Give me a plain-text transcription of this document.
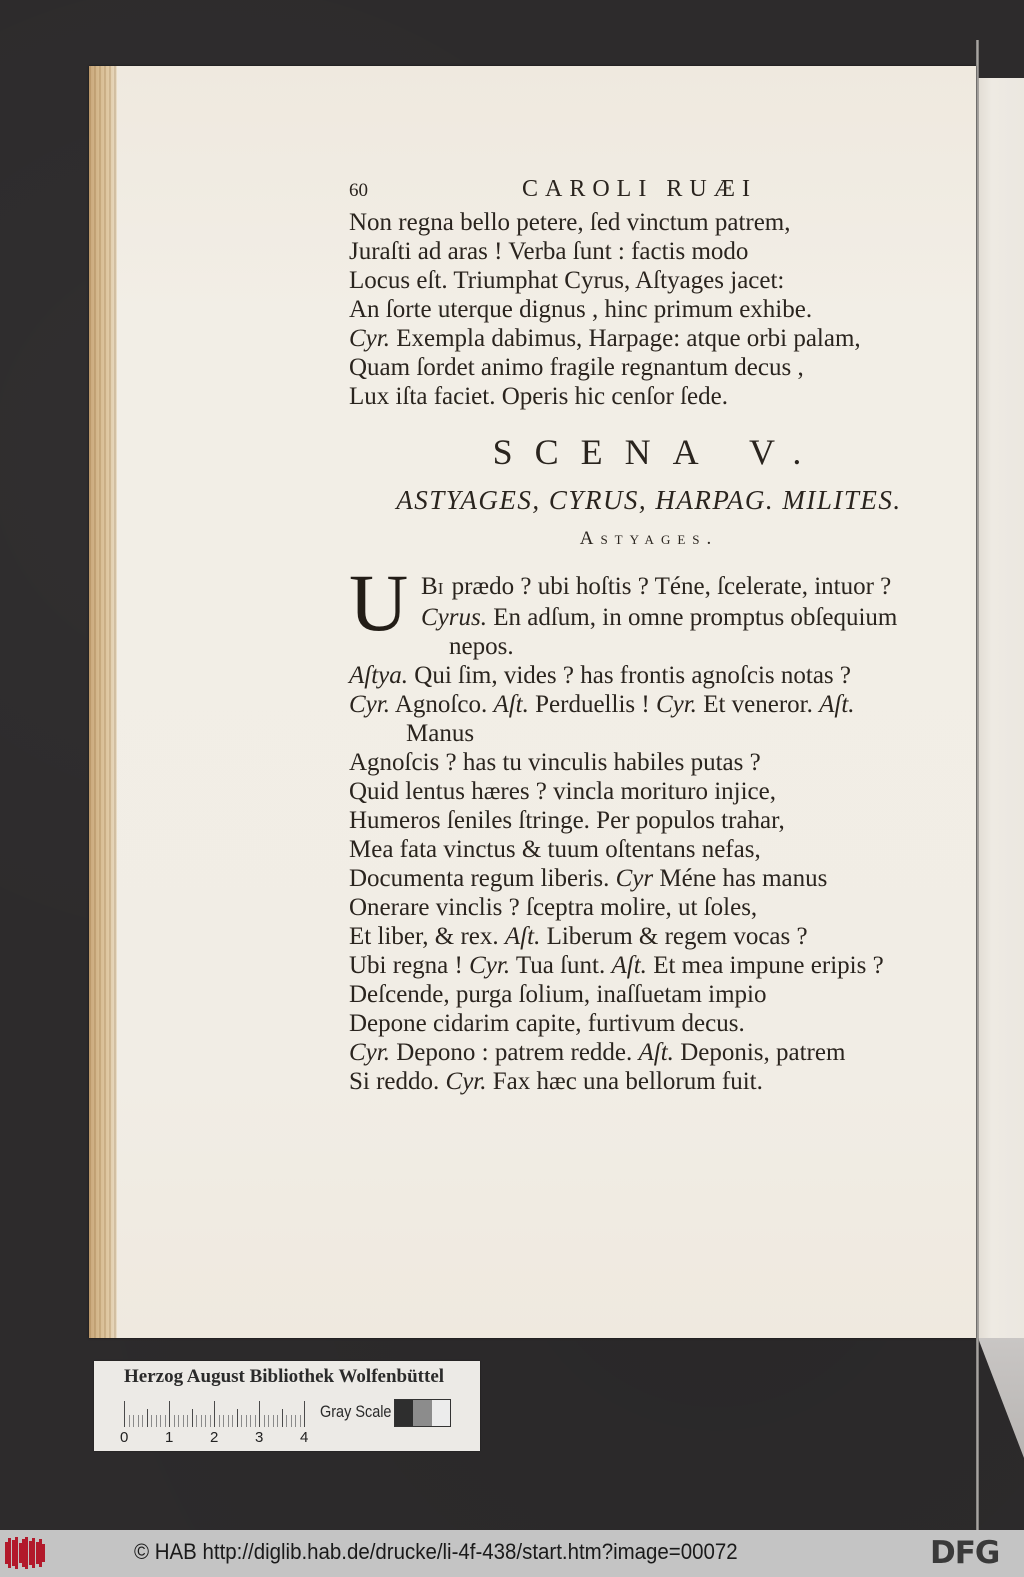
60	CAROLI RUÆI
Non regna bello petere, ſed vinctum patrem,
Juraſti ad aras ! Verba ſunt : factis modo
Locus eſt. Triumphat Cyrus, Aſtyages jacet:
An ſorte uterque dignus , hinc primum exhibe.
Cyr. Exempla dabimus, Harpage: atque orbi palam,
Quam ſordet animo fragile regnantum decus ,
Lux iſta faciet. Operis hic cenſor ſede.
SCENA V.
ASTYAGES, CYRUS, HARPAG. MILITES.
Astyages.
U BI prædo ? ubi hoſtis ? Téne, ſcelerate, intuor ?
Cyrus. En adſum, in omne promptus obſequium
nepos.
Aſtya. Qui ſim, vides ? has frontis agnoſcis notas ?
Cyr. Agnoſco. Aſt. Perduellis ! Cyr. Et veneror. Aſt.
Manus
Agnoſcis ? has tu vinculis habiles putas ?
Quid lentus hæres ? vincla morituro injice,
Humeros ſeniles ſtringe. Per populos trahar,
Mea fata vinctus & tuum oſtentans nefas,
Documenta regum liberis. Cyr Méne has manus
Onerare vinclis ? ſceptra molire, ut ſoles,
Et liber, & rex. Aſt. Liberum & regem vocas ?
Ubi regna ! Cyr. Tua ſunt. Aſt. Et mea impune eripis ?
Deſcende, purga ſolium, inaſſuetam impio
Depone cidarim capite, furtivum decus.
Cyr. Depono : patrem redde. Aſt. Deponis, patrem
Si reddo. Cyr. Fax hæc una bellorum fuit.
Herzog August Bibliothek Wolfenbüttel
0 1 2 3 4
Gray Scale
© HAB http://diglib.hab.de/drucke/li-4f-438/start.htm?image=00072	DFG
